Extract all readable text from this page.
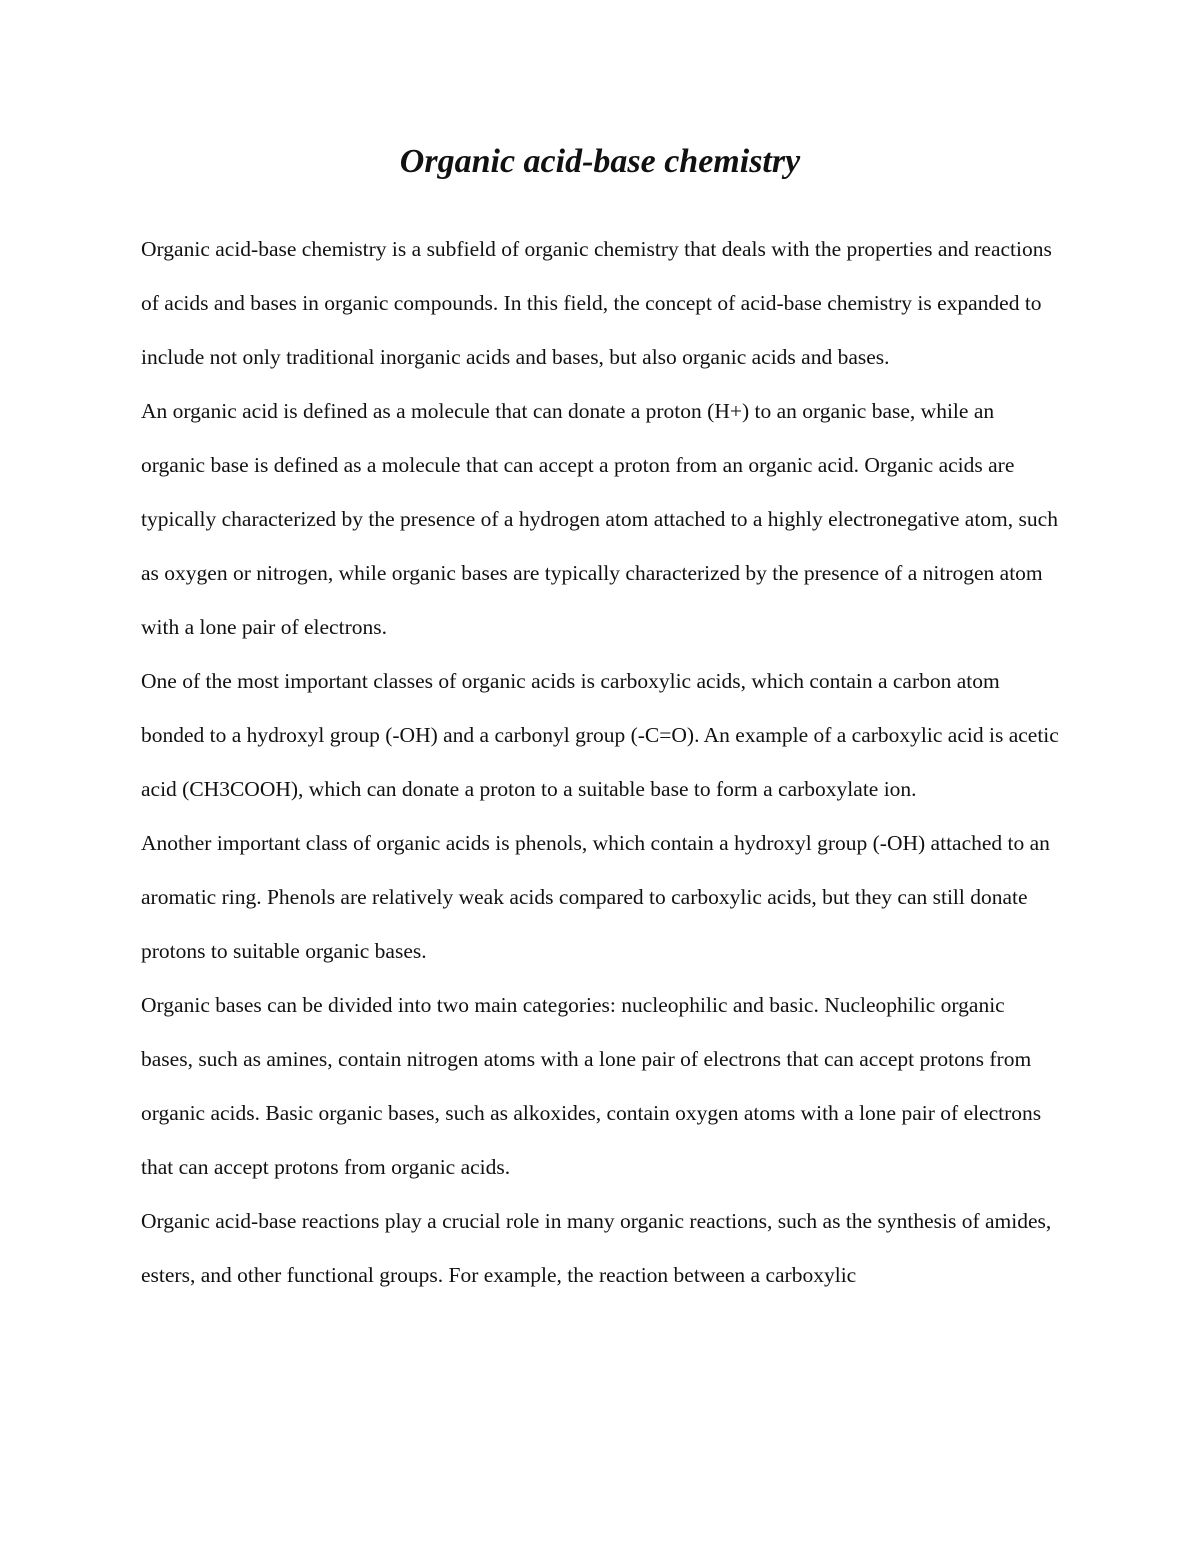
Organic acid-base chemistry

Organic acid-base chemistry is a subfield of organic chemistry that deals with the properties and reactions of acids and bases in organic compounds. In this field, the concept of acid-base chemistry is expanded to include not only traditional inorganic acids and bases, but also organic acids and bases.

An organic acid is defined as a molecule that can donate a proton (H+) to an organic base, while an organic base is defined as a molecule that can accept a proton from an organic acid. Organic acids are typically characterized by the presence of a hydrogen atom attached to a highly electronegative atom, such as oxygen or nitrogen, while organic bases are typically characterized by the presence of a nitrogen atom with a lone pair of electrons.

One of the most important classes of organic acids is carboxylic acids, which contain a carbon atom bonded to a hydroxyl group (-OH) and a carbonyl group (-C=O). An example of a carboxylic acid is acetic acid (CH3COOH), which can donate a proton to a suitable base to form a carboxylate ion.

Another important class of organic acids is phenols, which contain a hydroxyl group (-OH) attached to an aromatic ring. Phenols are relatively weak acids compared to carboxylic acids, but they can still donate protons to suitable organic bases.

Organic bases can be divided into two main categories: nucleophilic and basic. Nucleophilic organic bases, such as amines, contain nitrogen atoms with a lone pair of electrons that can accept protons from organic acids. Basic organic bases, such as alkoxides, contain oxygen atoms with a lone pair of electrons that can accept protons from organic acids.

Organic acid-base reactions play a crucial role in many organic reactions, such as the synthesis of amides, esters, and other functional groups. For example, the reaction between a carboxylic
